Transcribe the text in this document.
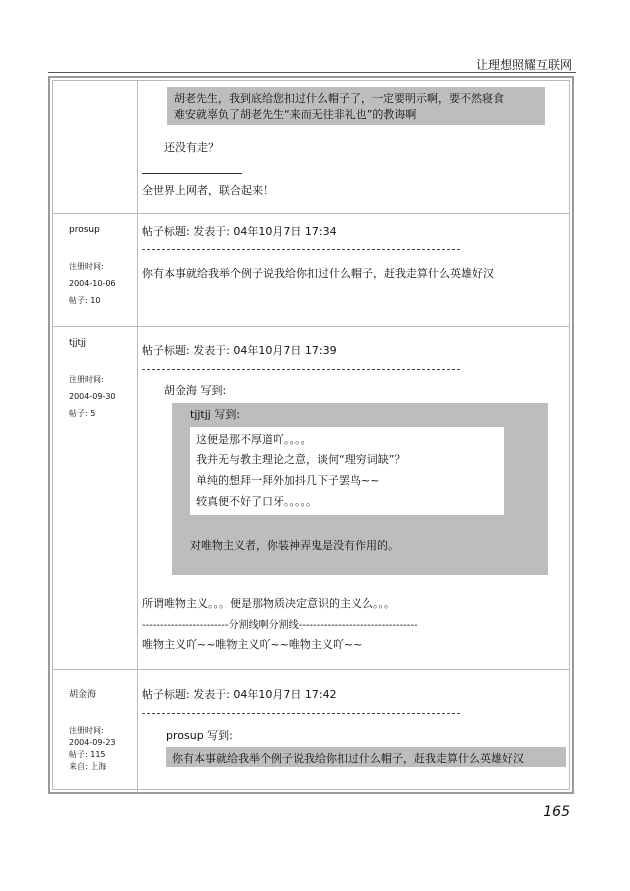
让理想照耀互联网
胡老先生，我到底给您扣过什么帽子了，一定要明示啊，要不然寝食
难安就辜负了胡老先生“来而无往非礼也”的教诲啊
还没有走？
全世界上网者，联合起来！
prosup
注册时间:
2004-10-06
帖子: 10
帖子标题: 发表于: 04年10月7日 17:34
你有本事就给我举个例子说我给你扣过什么帽子，赶我走算什么英雄好汉
tjjtjj
注册时间:
2004-09-30
帖子: 5
帖子标题: 发表于: 04年10月7日 17:39
胡金海 写到:
tjjtjj 写到:
这便是那不厚道吖。。。。
我并无与教主理论之意，谈何“理穷词缺”？
单纯的想拜一拜外加抖几下子罢鸟~~
较真便不好了口牙。。。。。
对唯物主义者，你装神弄鬼是没有作用的。
所谓唯物主义。。。便是那物质决定意识的主义么。。。
------------------------分割线啊分割线---------------------------------
唯物主义吖~~唯物主义吖~~唯物主义吖~~
胡金海
注册时间:
2004-09-23
帖子: 115
来自: 上海
帖子标题: 发表于: 04年10月7日 17:42
prosup 写到:
你有本事就给我举个例子说我给你扣过什么帽子，赶我走算什么英雄好汉
165
